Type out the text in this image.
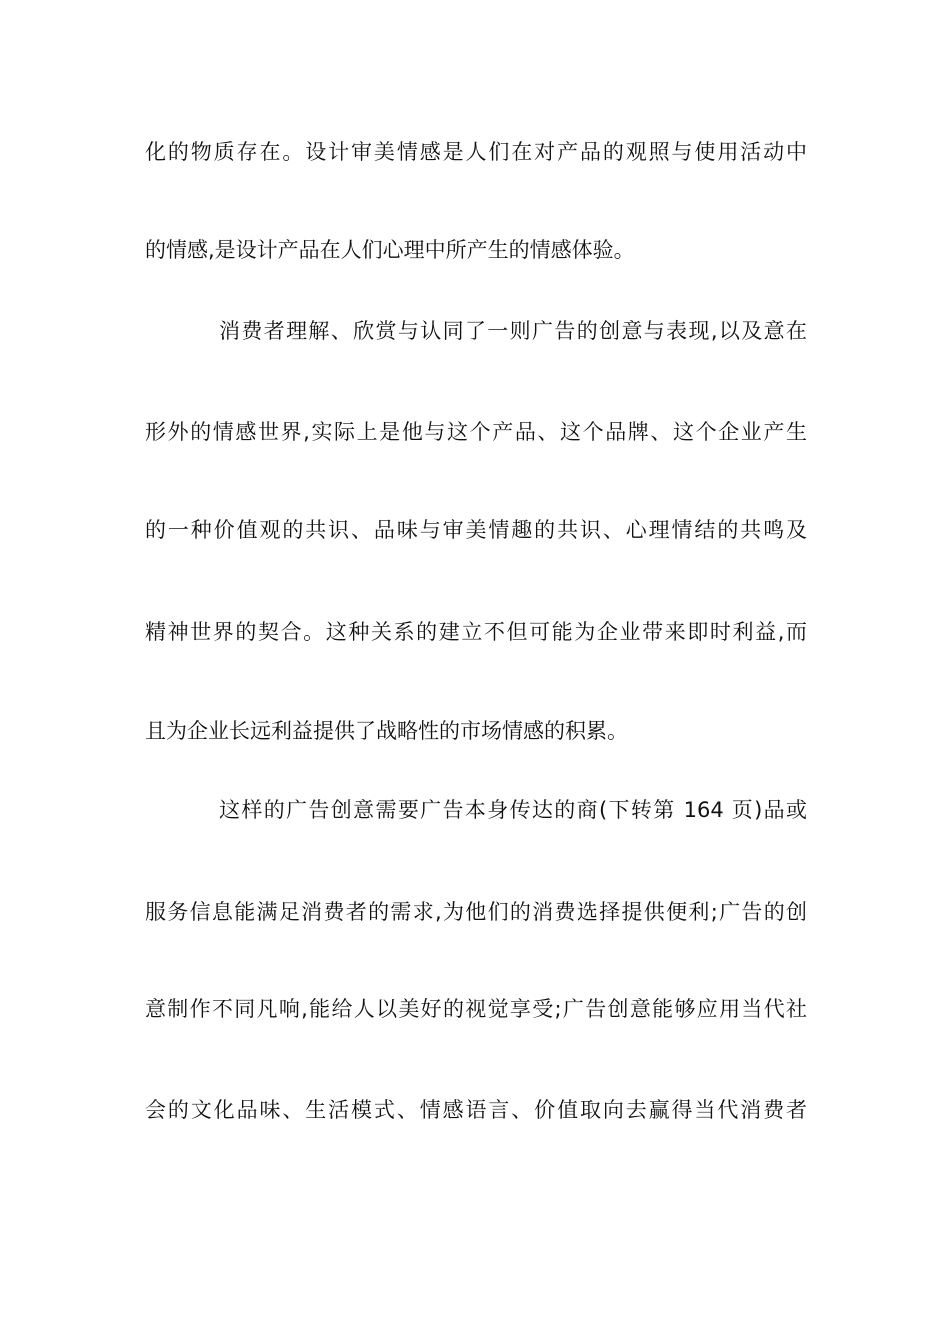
化的物质存在。设计审美情感是人们在对产品的观照与使用活动中

的情感,是设计产品在人们心理中所产生的情感体验。

消费者理解、欣赏与认同了一则广告的创意与表现,以及意在

形外的情感世界,实际上是他与这个产品、这个品牌、这个企业产生

的一种价值观的共识、品味与审美情趣的共识、心理情结的共鸣及

精神世界的契合。这种关系的建立不但可能为企业带来即时利益,而

且为企业长远利益提供了战略性的市场情感的积累。

这样的广告创意需要广告本身传达的商(下转第 164 页)品或

服务信息能满足消费者的需求,为他们的消费选择提供便利;广告的创

意制作不同凡响,能给人以美好的视觉享受;广告创意能够应用当代社

会的文化品味、生活模式、情感语言、价值取向去赢得当代消费者
